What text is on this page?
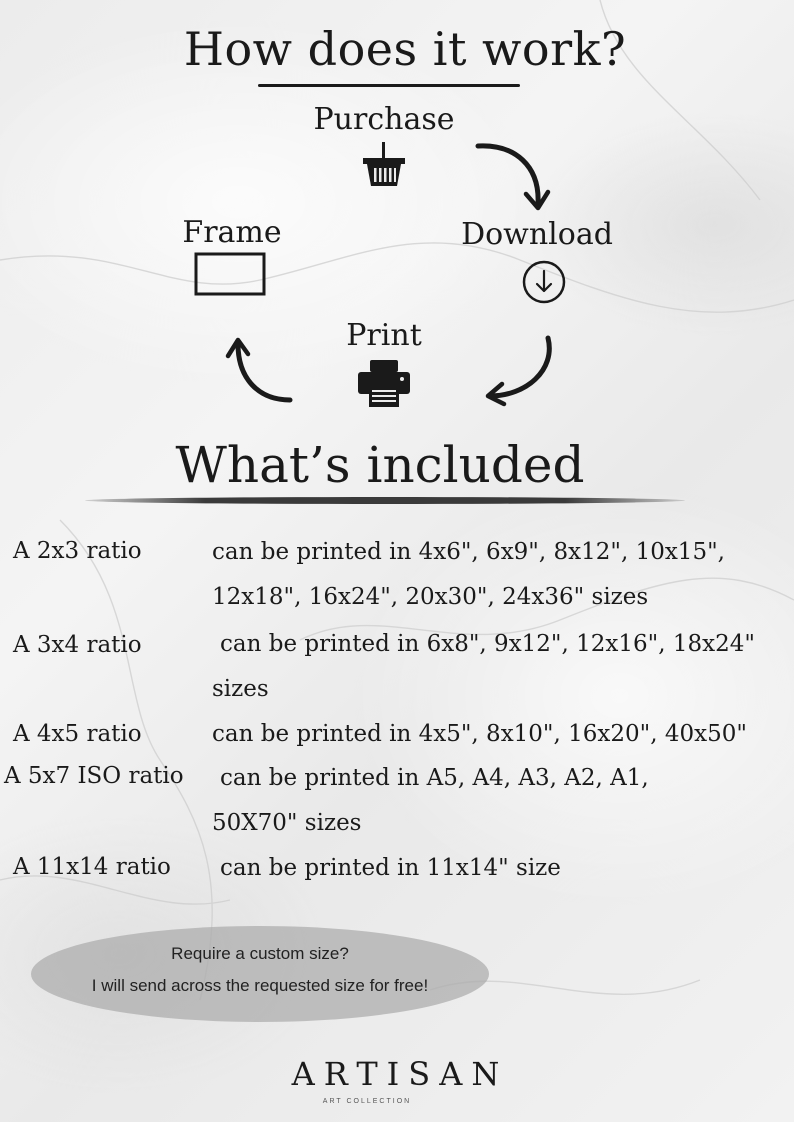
How does it work?
Purchase
Frame	Download
Print
What’s included
A 2x3 ratio	can be printed in 4x6", 6x9", 8x12", 10x15", 12x18", 16x24", 20x30", 24x36" sizes
A 3x4 ratio	can be printed in 6x8", 9x12", 12x16", 18x24" sizes
A 4x5 ratio	can be printed in 4x5", 8x10", 16x20", 40x50"
A 5x7 ISO ratio	can be printed in A5, A4, A3, A2, A1, 50X70" sizes
A 11x14 ratio	can be printed in 11x14" size
Require a custom size?
I will send across the requested size for free!
ARTISAN
ART COLLECTION
